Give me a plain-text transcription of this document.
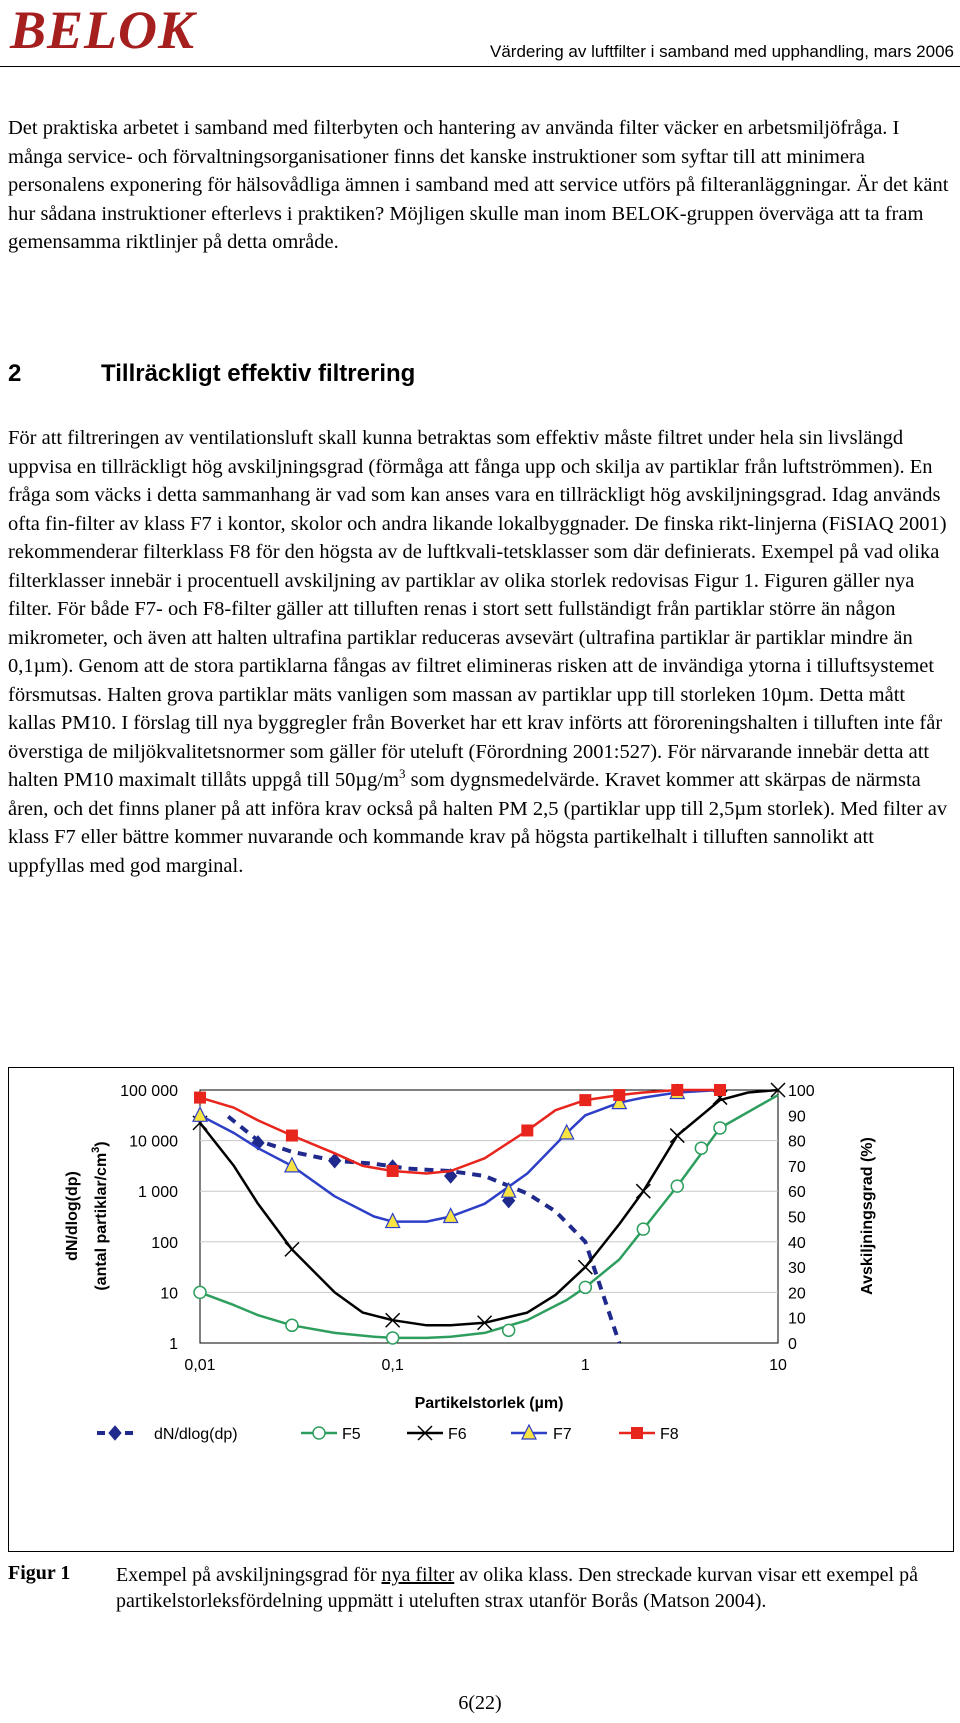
BELOK	Värdering av luftfilter i samband med upphandling, mars 2006

Det praktiska arbetet i samband med filterbyten och hantering av använda filter väcker en arbetsmiljöfråga. I många service- och förvaltningsorganisationer finns det kanske instruktioner som syftar till att minimera personalens exponering för hälsovådliga ämnen i samband med att service utförs på filteranläggningar. Är det känt hur sådana instruktioner efterlevs i praktiken? Möjligen skulle man inom BELOK-gruppen överväga att ta fram gemensamma riktlinjer på detta område.

2	Tillräckligt effektiv filtrering

För att filtreringen av ventilationsluft skall kunna betraktas som effektiv måste filtret under hela sin livslängd uppvisa en tillräckligt hög avskiljningsgrad (förmåga att fånga upp och skilja av partiklar från luftströmmen). En fråga som väcks i detta sammanhang är vad som kan anses vara en tillräckligt hög avskiljningsgrad. Idag används ofta fin-filter av klass F7 i kontor, skolor och andra likande lokalbyggnader. De finska rikt-linjerna (FiSIAQ 2001) rekommenderar filterklass F8 för den högsta av de luftkvali-tetsklasser som där definierats. Exempel på vad olika filterklasser innebär i procentuell avskiljning av partiklar av olika storlek redovisas Figur 1. Figuren gäller nya filter. För både F7- och F8-filter gäller att tilluften renas i stort sett fullständigt från partiklar större än någon mikrometer, och även att halten ultrafina partiklar reduceras avsevärt (ultrafina partiklar är partiklar mindre än 0,1µm). Genom att de stora partiklarna fångas av filtret elimineras risken att de invändiga ytorna i tilluftsystemet försmutsas. Halten grova partiklar mäts vanligen som massan av partiklar upp till storleken 10µm. Detta mått kallas PM10. I förslag till nya byggregler från Boverket har ett krav införts att föroreningshalten i tilluften inte får överstiga de miljökvalitetsnormer som gäller för uteluft (Förordning 2001:527). För närvarande innebär detta att halten PM10 maximalt tillåts uppgå till $50\mu g/m^3$ som dygnsmedelvärde. Kravet kommer att skärpas de närmsta åren, och det finns planer på att införa krav också på halten PM 2,5 (partiklar upp till 2,5µm storlek). Med filter av klass F7 eller bättre kommer nuvarande och kommande krav på högsta partikelhalt i tilluften sannolikt att uppfyllas med god marginal.

100 000
10 000
1 000
100
10
1
100
90
80
70
60
50
40
30
20
10
0
0,01	0,1	1	10
Partikelstorlek (µm)
dN/dlog(dp) (antal partiklar/$cm^3$)	Avskiljningsgrad (%)
dN/dlog(dp)	F5	F6	F7	F8
Figur 1 Exempel på avskiljningsgrad för nya filter av olika klass. Den streckade kurvan visar ett exempel på partikelstorleksfördelning uppmätt i uteluften strax utanför Borås (Matson 2004).

6(22)
